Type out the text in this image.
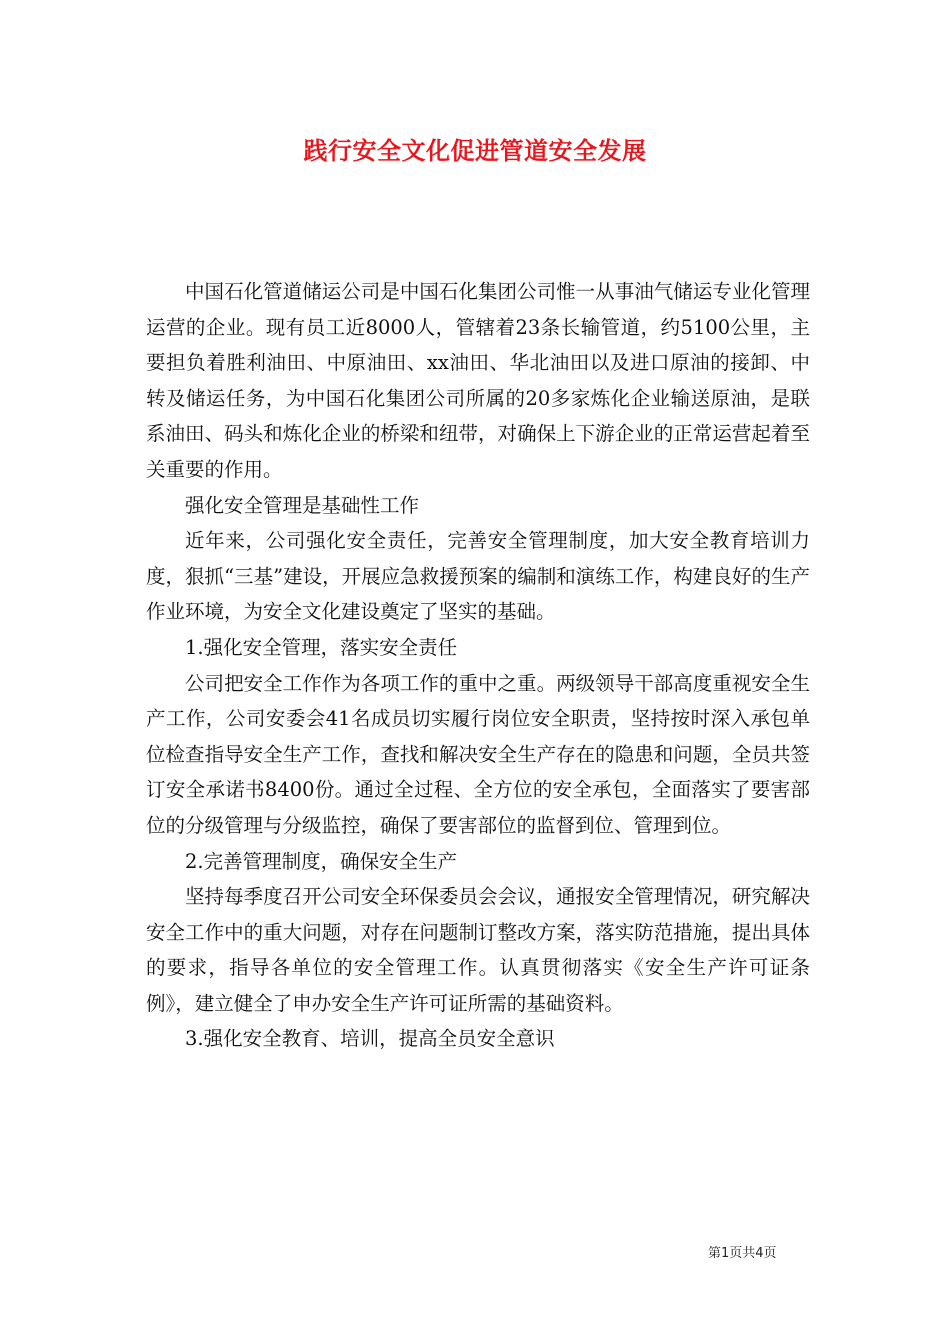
践行安全文化促进管道安全发展

中国石化管道储运公司是中国石化集团公司惟一从事油气储运专业化管理运营的企业。现有员工近8000人，管辖着23条长输管道，约5100公里，主要担负着胜利油田、中原油田、xx油田、华北油田以及进口原油的接卸、中转及储运任务，为中国石化集团公司所属的20多家炼化企业输送原油，是联系油田、码头和炼化企业的桥梁和纽带，对确保上下游企业的正常运营起着至关重要的作用。

强化安全管理是基础性工作

近年来，公司强化安全责任，完善安全管理制度，加大安全教育培训力度，狠抓“三基”建设，开展应急救援预案的编制和演练工作，构建良好的生产作业环境，为安全文化建设奠定了坚实的基础。

1.强化安全管理，落实安全责任

公司把安全工作作为各项工作的重中之重。两级领导干部高度重视安全生产工作，公司安委会41名成员切实履行岗位安全职责，坚持按时深入承包单位检查指导安全生产工作，查找和解决安全生产存在的隐患和问题，全员共签订安全承诺书8400份。通过全过程、全方位的安全承包，全面落实了要害部位的分级管理与分级监控，确保了要害部位的监督到位、管理到位。

2.完善管理制度，确保安全生产

坚持每季度召开公司安全环保委员会会议，通报安全管理情况，研究解决安全工作中的重大问题，对存在问题制订整改方案，落实防范措施，提出具体的要求，指导各单位的安全管理工作。认真贯彻落实《安全生产许可证条例》，建立健全了申办安全生产许可证所需的基础资料。

3.强化安全教育、培训，提高全员安全意识

第1页共4页
